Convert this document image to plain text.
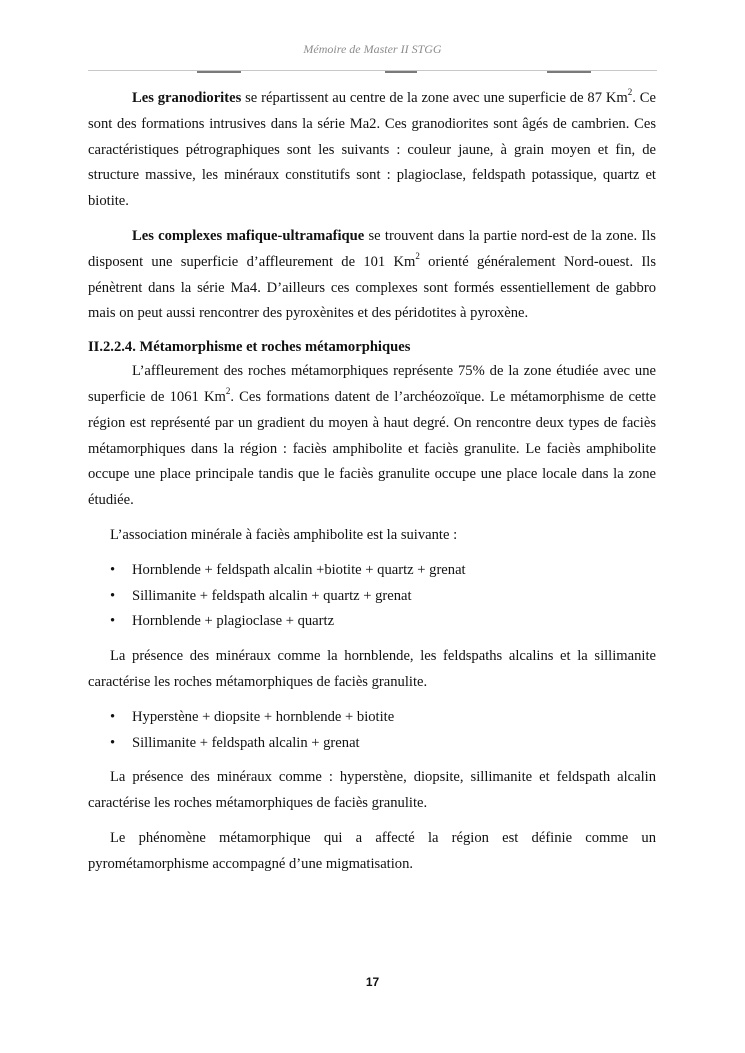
Mémoire de Master II STGG

Les granodiorites se répartissent au centre de la zone avec une superficie de 87 Km$^2$. Ce sont des formations intrusives dans la série Ma2. Ces granodiorites sont âgés de cambrien. Ces caractéristiques pétrographiques sont les suivants : couleur jaune, à grain moyen et fin, de structure massive, les minéraux constitutifs sont : plagioclase, feldspath potassique, quartz et biotite.

Les complexes mafique-ultramafique se trouvent dans la partie nord-est de la zone. Ils disposent une superficie d’affleurement de 101 Km$^2$ orienté généralement Nord-ouest. Ils pénètrent dans la série Ma4. D’ailleurs ces complexes sont formés essentiellement de gabbro mais on peut aussi rencontrer des pyroxènites et des péridotites à pyroxène.

II.2.2.4. Métamorphisme et roches métamorphiques

L’affleurement des roches métamorphiques représente 75% de la zone étudiée avec une superficie de 1061 Km$^2$. Ces formations datent de l’archéozoïque. Le métamorphisme de cette région est représenté par un gradient du moyen à haut degré. On rencontre deux types de faciès métamorphiques dans la région : faciès amphibolite et faciès granulite. Le faciès amphibolite occupe une place principale tandis que le faciès granulite occupe une place locale dans la zone étudiée.

L’association minérale à faciès amphibolite est la suivante :

• Hornblende + feldspath alcalin +biotite + quartz + grenat
• Sillimanite + feldspath alcalin + quartz + grenat
• Hornblende + plagioclase + quartz

La présence des minéraux comme la hornblende, les feldspaths alcalins et la sillimanite caractérise les roches métamorphiques de faciès granulite.

• Hyperstène + diopsite + hornblende + biotite
• Sillimanite + feldspath alcalin + grenat

La présence des minéraux comme : hyperstène, diopsite, sillimanite et feldspath alcalin caractérise les roches métamorphiques de faciès granulite.

Le phénomène métamorphique qui a affecté la région est définie comme un pyrométamorphisme accompagné d’une migmatisation.

17
